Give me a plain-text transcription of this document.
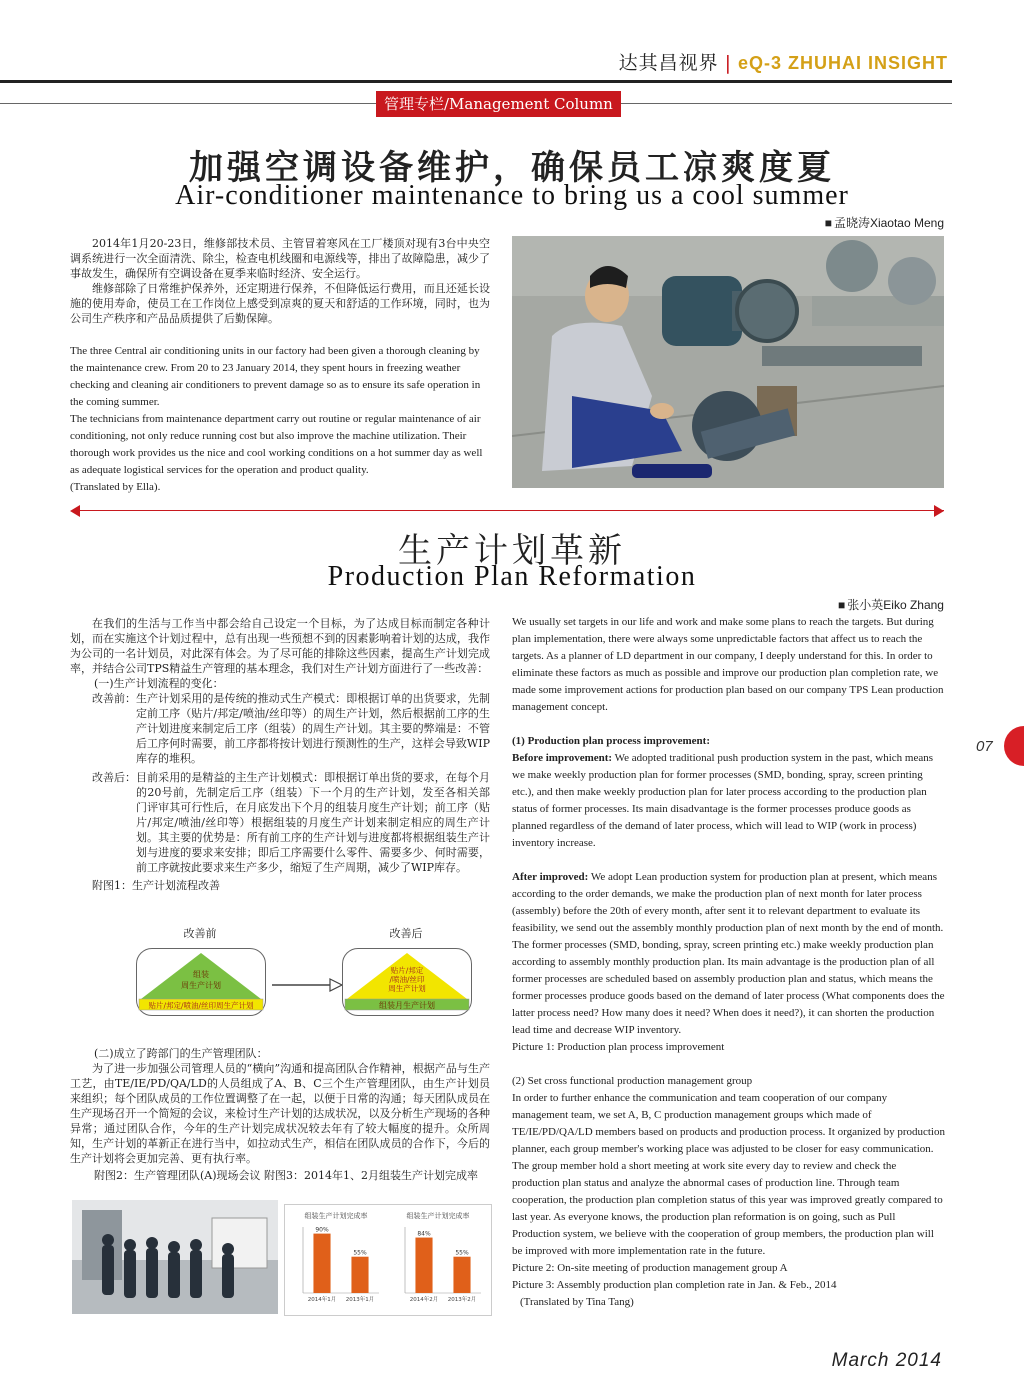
达其昌视界 | eQ-3 ZHUHAI INSIGHT
管理专栏/Management Column
加强空调设备维护，确保员工凉爽度夏
Air-conditioner maintenance to bring us a cool summer
■ 孟晓涛Xiaotao Meng

2014年1月20-23日，维修部技术员、主管冒着寒风在工厂楼顶对现有3台中央空调系统进行一次全面清洗、除尘，检查电机线圈和电源线等，排出了故障隐患，减少了事故发生，确保所有空调设备在夏季来临时经济、安全运行。

维修部除了日常维护保养外，还定期进行保养，不但降低运行费用，而且还延长设施的使用寿命，使员工在工作岗位上感受到凉爽的夏天和舒适的工作环境，同时，也为公司生产秩序和产品品质提供了后勤保障。

The three Central air conditioning units in our factory had been given a thorough cleaning by the maintenance crew. From 20 to 23 January 2014, they spent hours in freezing weather checking and cleaning air conditioners to prevent damage so as to ensure its safe operation in the coming summer.

The technicians from maintenance department carry out routine or regular maintenance of air conditioning, not only reduce running cost but also improve the machine utilization. Their thorough work provides us the nice and cool working conditions on a hot summer day as well as adequate logistical services for the operation and product quality.

(Translated by Ella).

生产计划革新
Production Plan Reformation
■ 张小英Eiko Zhang

在我们的生活与工作当中都会给自己设定一个目标，为了达成目标而制定各种计划，而在实施这个计划过程中，总有出现一些预想不到的因素影响着计划的达成，我作为公司的一名计划员，对此深有体会。为了尽可能的排除这些因素，提高生产计划完成率，并结合公司TPS精益生产管理的基本理念，我们对生产计划方面进行了一些改善：

(一)生产计划流程的变化：

改善前： 生产计划采用的是传统的推动式生产模式：即根据订单的出货要求，先制定前工序（贴片/邦定/喷油/丝印等）的周生产计划，然后根据前工序的生产计划进度来制定后工序（组装）的周生产计划。其主要的弊端是：不管后工序何时需要，前工序都将按计划进行预测性的生产，这样会导致WIP库存的堆积。
改善后： 目前采用的是精益的主生产计划模式：即根据订单出货的要求，在每个月的20号前，先制定后工序（组装）下一个月的生产计划，发至各相关部门评审其可行性后，在月底发出下个月的组装月度生产计划；前工序（贴片/邦定/喷油/丝印等）根据组装的月度生产计划来制定相应的周生产计划。其主要的优势是：所有前工序的生产计划与进度都将根据组装生产计划与进度的要求来安排；即后工序需要什么零件、需要多少、何时需要，前工序就按此要求来生产多少，缩短了生产周期，减少了WIP库存。

附图1：生产计划流程改善

改善前	改善后
组装
周生产计划
贴片/邦定/喷油/丝印周生产计划
贴片/邦定
/喷油/丝印
周生产计划
组装月生产计划

(二)成立了跨部门的生产管理团队：

为了进一步加强公司管理人员的“横向”沟通和提高团队合作精神，根据产品与生产工艺，由TE/IE/PD/QA/LD的人员组成了A、B、C三个生产管理团队，由生产计划员来组织；每个团队成员的工作位置调整了在一起，以便于日常的沟通；每天团队成员在生产现场召开一个简短的会议，来检讨生产计划的达成状况，以及分析生产现场的各种异常；通过团队合作，今年的生产计划完成状况较去年有了较大幅度的提升。众所周知，生产计划的革新正在进行当中，如拉动式生产，相信在团队成员的合作下，今后的生产计划将会更加完善、更有执行率。

附图2：生产管理团队(A)现场会议 附图3：2014年1、2月组装生产计划完成率

组装生产计划完成率
90%
2014年1月
55%
2013年1月
组装生产计划完成率
84%
2014年2月
55%
2013年2月

We usually set targets in our life and work and make some plans to reach the targets. But during plan implementation, there were always some unpredictable factors that affect us to reach the targets. As a planner of LD department in our company, I deeply understand for this. In order to eliminate these factors as much as possible and improve our production plan completion rate, we made some improvement actions for production plan based on our company TPS Lean production management concept.

(1) Production plan process improvement:

Before improvement: We adopted traditional push production system in the past, which means we make weekly production plan for former processes (SMD, bonding, spray, screen printing etc.), and then make weekly production plan for later process according to the production plan status of former processes. Its main disadvantage is the former processes produce goods as planned regardless of the demand of later process, which will lead to WIP (work in process) inventory increase.

After improved: We adopt Lean production system for production plan at present, which means according to the order demands, we make the production plan of next month for later process (assembly) before the 20th of every month, after sent it to relevant department to evaluate its feasibility, we send out the assembly monthly production plan of next month by the end of month. The former processes (SMD, bonding, spray, screen printing etc.) make weekly production plan according to assembly monthly production plan. Its main advantage is the production plan of all former processes are scheduled based on assembly production plan and status, which means the former processes produce goods based on the demand of later process (What components does the latter process need? How many does it need? When does it need?), it can shorten the production lead time and decrease WIP inventory.

Picture 1: Production plan process improvement

(2) Set cross functional production management group

In order to further enhance the communication and team cooperation of our company management team, we set A, B, C production management groups which made of TE/IE/PD/QA/LD members based on products and production process. It organized by production planner, each group member's working place was adjusted to be closer for easy communication. The group member hold a short meeting at work site every day to review and check the production plan status and analyze the abnormal cases of production line. Through team cooperation, the production plan completion status of this year was improved greatly compared to last year. As everyone knows, the production plan reformation is on going, such as Pull Production system, we believe with the cooperation of group members, the production plan will be improved with more implementation rate in the future.

Picture 2: On-site meeting of production management group A

Picture 3: Assembly production plan completion rate in Jan. & Feb., 2014

(Translated by Tina Tang)

07
March 2014
